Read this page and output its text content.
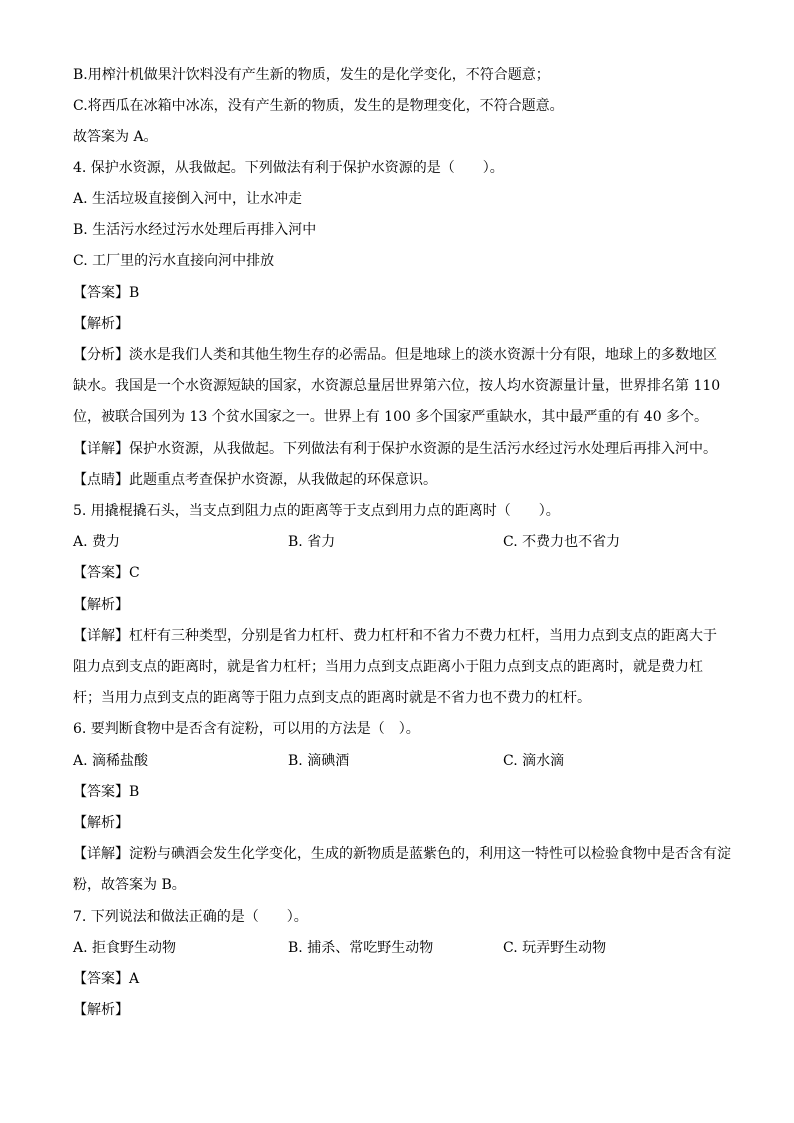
B.用榨汁机做果汁饮料没有产生新的物质，发生的是化学变化，不符合题意；
C.将西瓜在冰箱中冰冻，没有产生新的物质，发生的是物理变化，不符合题意。
故答案为 A。
4. 保护水资源，从我做起。下列做法有利于保护水资源的是（　　）。
A. 生活垃圾直接倒入河中，让水冲走
B. 生活污水经过污水处理后再排入河中
C. 工厂里的污水直接向河中排放
【答案】B
【解析】
【分析】淡水是我们人类和其他生物生存的必需品。但是地球上的淡水资源十分有限，地球上的多数地区
缺水。我国是一个水资源短缺的国家，水资源总量居世界第六位，按人均水资源量计量，世界排名第 110
位，被联合国列为 13 个贫水国家之一。世界上有 100 多个国家严重缺水，其中最严重的有 40 多个。
【详解】保护水资源，从我做起。下列做法有利于保护水资源的是生活污水经过污水处理后再排入河中。
【点睛】此题重点考查保护水资源，从我做起的环保意识。
5. 用撬棍撬石头，当支点到阻力点的距离等于支点到用力点的距离时（　　）。
A. 费力	B. 省力	C. 不费力也不省力
【答案】C
【解析】
【详解】杠杆有三种类型，分别是省力杠杆、费力杠杆和不省力不费力杠杆，当用力点到支点的距离大于
阻力点到支点的距离时，就是省力杠杆；当用力点到支点距离小于阻力点到支点的距离时，就是费力杠
杆；当用力点到支点的距离等于阻力点到支点的距离时就是不省力也不费力的杠杆。
6. 要判断食物中是否含有淀粉，可以用的方法是（　）。
A. 滴稀盐酸	B. 滴碘酒	C. 滴水滴
【答案】B
【解析】
【详解】淀粉与碘酒会发生化学变化，生成的新物质是蓝紫色的，利用这一特性可以检验食物中是否含有淀
粉，故答案为 B。
7. 下列说法和做法正确的是（　　）。
A. 拒食野生动物	B. 捕杀、常吃野生动物	C. 玩弄野生动物
【答案】A
【解析】
